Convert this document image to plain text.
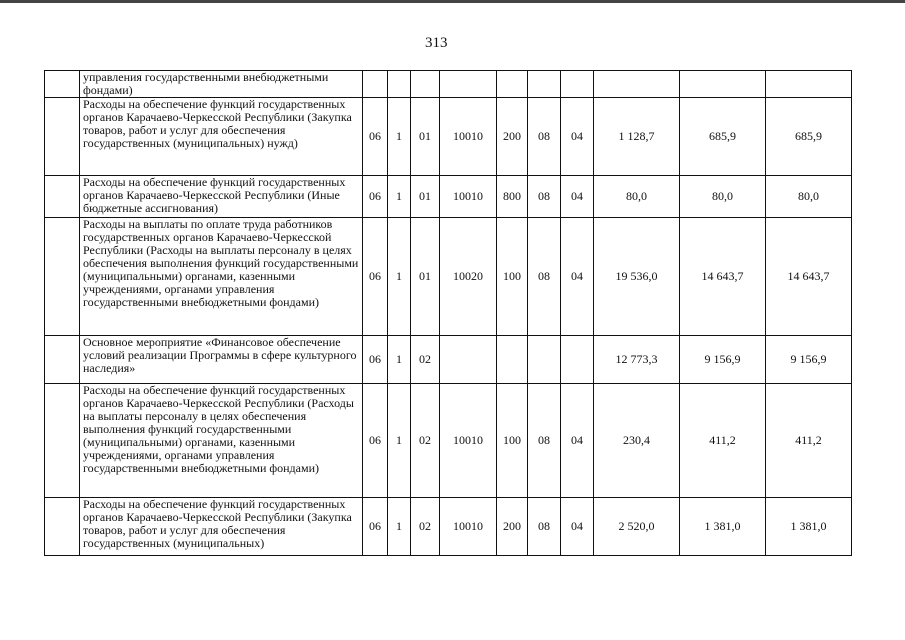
313
	управления государственными внебюджетными фондами)										
	Расходы на обеспечение функций государственных органов Карачаево-Черкесской Республики (Закупка товаров, работ и услуг для обеспечения государственных (муниципальных) нужд)	06	1	01	10010	200	08	04	1 128,7	685,9	685,9
	Расходы на обеспечение функций государственных органов Карачаево-Черкесской Республики (Иные бюджетные ассигнования)	06	1	01	10010	800	08	04	80,0	80,0	80,0
	Расходы на выплаты по оплате труда работников государственных органов Карачаево-Черкесской Республики (Расходы на выплаты персоналу в целях обеспечения выполнения функций государственными (муниципальными) органами, казенными учреждениями, органами управления государственными внебюджетными фондами)	06	1	01	10020	100	08	04	19 536,0	14 643,7	14 643,7
	Основное мероприятие «Финансовое обеспечение условий реализации Программы в сфере культурного наследия»	06	1	02					12 773,3	9 156,9	9 156,9
	Расходы на обеспечение функций государственных органов Карачаево-Черкесской Республики (Расходы на выплаты персоналу в целях обеспечения выполнения функций государственными (муниципальными) органами, казенными учреждениями, органами управления государственными внебюджетными фондами)	06	1	02	10010	100	08	04	230,4	411,2	411,2
	Расходы на обеспечение функций государственных органов Карачаево-Черкесской Республики (Закупка товаров, работ и услуг для обеспечения государственных (муниципальных)	06	1	02	10010	200	08	04	2 520,0	1 381,0	1 381,0
